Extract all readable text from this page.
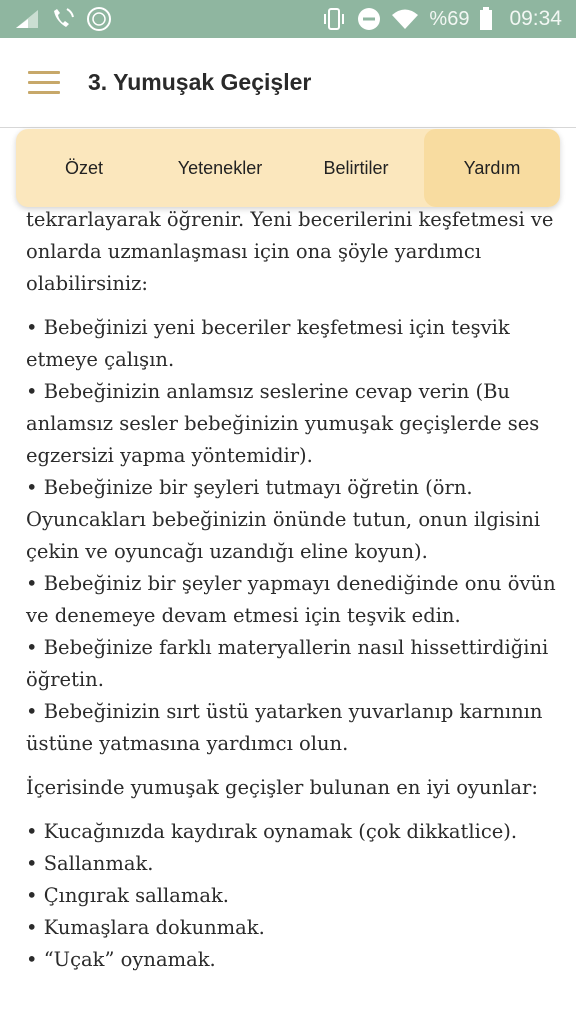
%69 09:34
3. Yumuşak Geçişler

tekrarlayarak öğrenir. Yeni becerilerini keşfetmesi ve onlarda uzmanlaşması için ona şöyle yardımcı olabilirsiniz:

• Bebeğinizi yeni beceriler keşfetmesi için teşvik etmeye çalışın.
• Bebeğinizin anlamsız seslerine cevap verin (Bu anlamsız sesler bebeğinizin yumuşak geçişlerde ses egzersizi yapma yöntemidir).
• Bebeğinize bir şeyleri tutmayı öğretin (örn. Oyuncakları bebeğinizin önünde tutun, onun ilgisini çekin ve oyuncağı uzandığı eline koyun).
• Bebeğiniz bir şeyler yapmayı denediğinde onu övün ve denemeye devam etmesi için teşvik edin.
• Bebeğinize farklı materyallerin nasıl hissettirdiğini öğretin.
• Bebeğinizin sırt üstü yatarken yuvarlanıp karnının üstüne yatmasına yardımcı olun.

İçerisinde yumuşak geçişler bulunan en iyi oyunlar:

• Kucağınızda kaydırak oynamak (çok dikkatlice).
• Sallanmak.
• Çıngırak sallamak.
• Kumaşlara dokunmak.
• “Uçak” oynamak.
Özet	Yetenekler	Belirtiler	Yardım
